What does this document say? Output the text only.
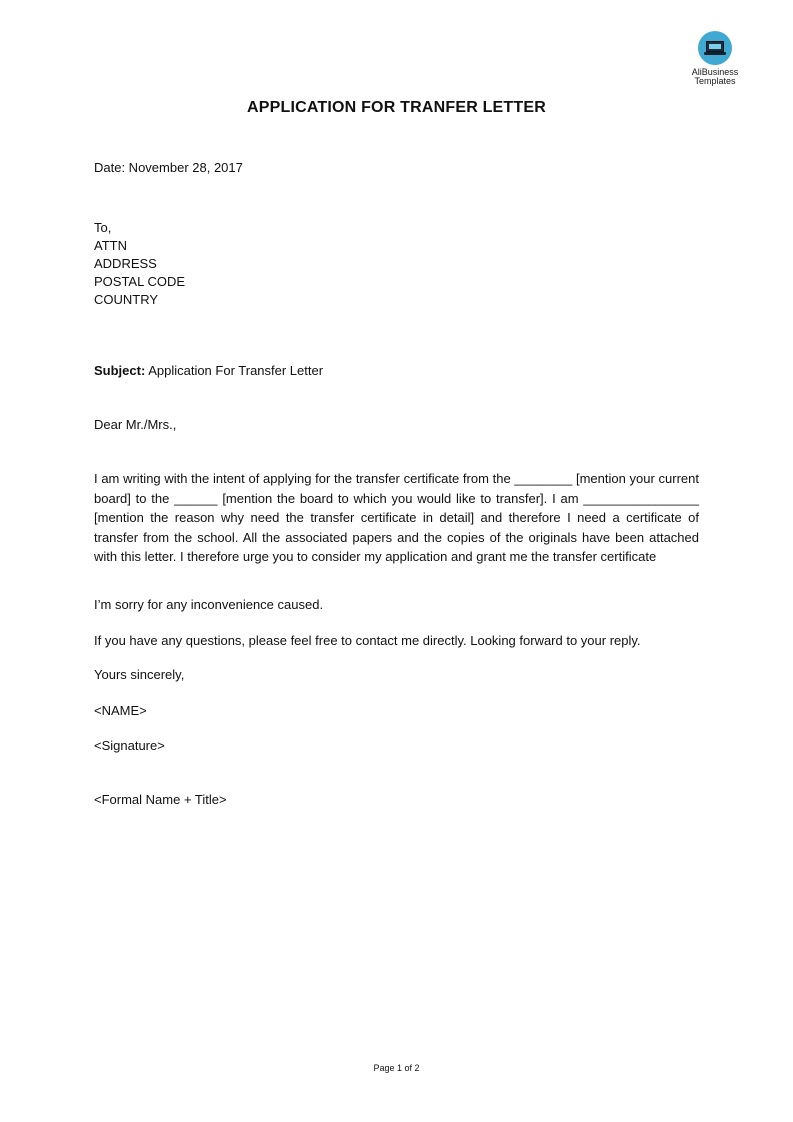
AliBusiness
Templates
APPLICATION FOR TRANFER LETTER
Date: November 28, 2017
To,
ATTN
ADDRESS
POSTAL CODE
COUNTRY
Subject: Application For Transfer Letter
Dear Mr./Mrs.,
I am writing with the intent of applying for the transfer certificate from the ________ [mention your current board] to the ______ [mention the board to which you would like to transfer]. I am ________________ [mention the reason why need the transfer certificate in detail] and therefore I need a certificate of transfer from the school. All the associated papers and the copies of the originals have been attached with this letter. I therefore urge you to consider my application and grant me the transfer certificate
I’m sorry for any inconvenience caused.
If you have any questions, please feel free to contact me directly. Looking forward to your reply.
Yours sincerely,
<NAME>
<Signature>
<Formal Name + Title>
Page 1 of 2
